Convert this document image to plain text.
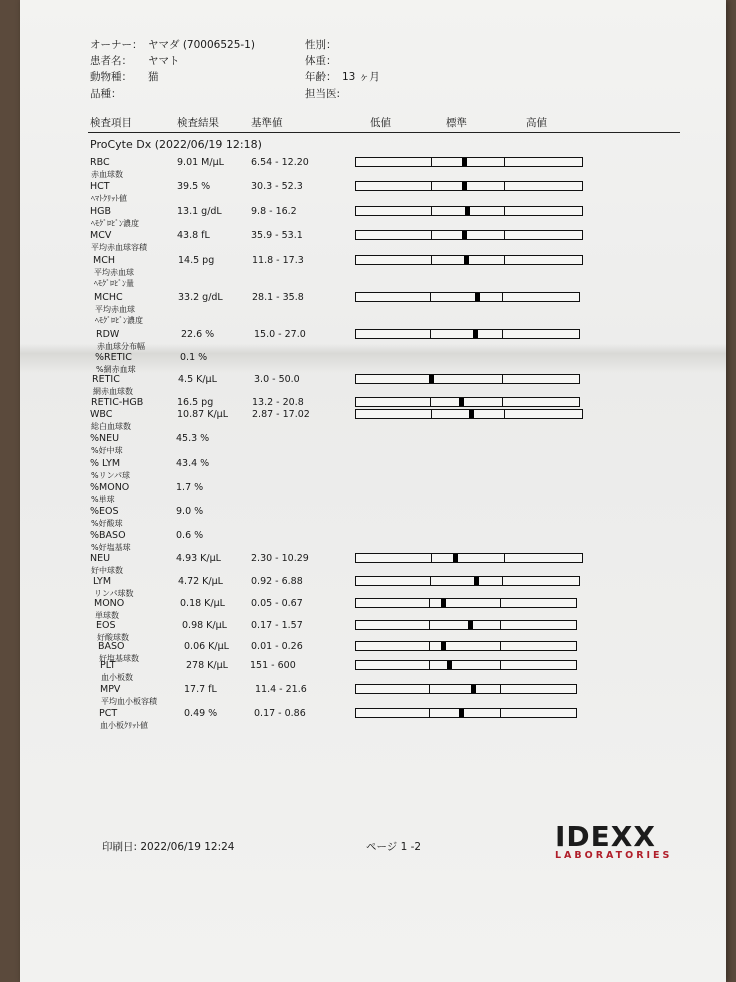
オーナー： ヤマダ (70006525-1)	性別：
患者名： ヤマト	体重：
動物種： 猫	年齢： 13 ヶ月
品種：	担当医:
検査項目	検査結果	基準値	低値	標準	高値
ProCyte Dx (2022/06/19 12:18)
RBC
赤血球数
9.01 M/μL	6.54 - 12.20
HCT
ﾍﾏﾄｸﾘｯﾄ値
39.5 %	30.3 - 52.3
HGB
ﾍﾓｸﾞﾛﾋﾞﾝ濃度
13.1 g/dL	9.8 - 16.2
MCV
平均赤血球容積
43.8 fL	35.9 - 53.1
MCH
平均赤血球
ﾍﾓｸﾞﾛﾋﾞﾝ量
14.5 pg	11.8 - 17.3
MCHC
平均赤血球
ﾍﾓｸﾞﾛﾋﾞﾝ濃度
33.2 g/dL	28.1 - 35.8
RDW
赤血球分布幅
22.6 %	15.0 - 27.0
%RETIC
%網赤血球
0.1 %
RETIC
網赤血球数
4.5 K/μL	3.0 - 50.0
RETIC-HGB	16.5 pg	13.2 - 20.8
WBC
総白血球数
10.87 K/μL	2.87 - 17.02
%NEU
%好中球
45.3 %
% LYM
%リンパ球
43.4 %
%MONO
%単球
1.7 %
%EOS
%好酸球
9.0 %
%BASO
%好塩基球
0.6 %
NEU
好中球数
4.93 K/μL	2.30 - 10.29
LYM
リンパ球数
4.72 K/μL	0.92 - 6.88
MONO
単球数
0.18 K/μL	0.05 - 0.67
EOS
好酸球数
0.98 K/μL	0.17 - 1.57
BASO
好塩基球数
0.06 K/μL 0.01 - 0.26
PLT
血小板数
278 K/μL 151 - 600
MPV
平均血小板容積
17.7 fL	11.4 - 21.6
PCT
血小板ｸﾘｯﾄ値
0.49 %	0.17 - 0.86
印刷日: 2022/06/19 12:24	ページ 1 -2	IDEXX
LABORATORIES
